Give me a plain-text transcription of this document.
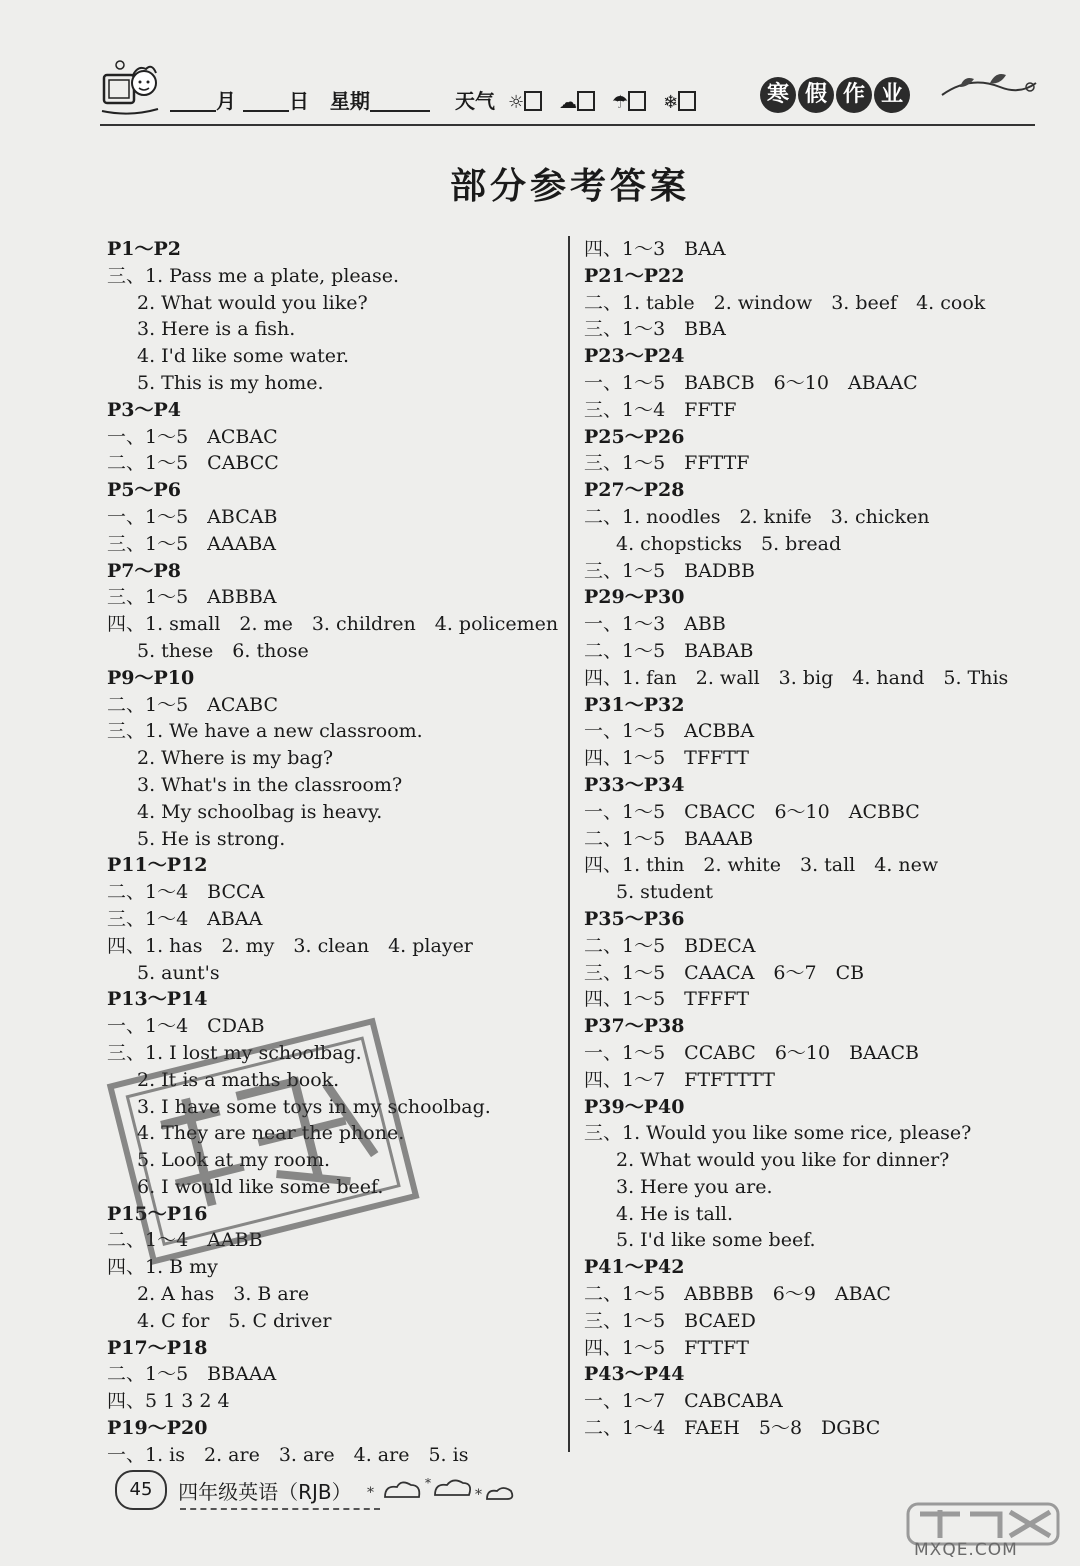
月	日 星期	天气 ☼ ☁ ☂ ❄	寒 假 作 业
部分参考答案
P1～P2
三、1. Pass me a plate, please.
2. What would you like?
3. Here is a fish.
4. I'd like some water.
5. This is my home.
P3～P4
一、1～5　ACBAC
二、1～5　CABCC
P5～P6
一、1～5　ABCAB
三、1～5　AAABA
P7～P8
三、1～5　ABBBA
四、1. small　2. me　3. children　4. policemen
5. these　6. those
P9～P10
二、1～5　ACABC
三、1. We have a new classroom.
2. Where is my bag?
3. What's in the classroom?
4. My schoolbag is heavy.
5. He is strong.
P11～P12
二、1～4　BCCA
三、1～4　ABAA
四、1. has　2. my　3. clean　4. player
5. aunt's
P13～P14
一、1～4　CDAB
三、1. I lost my schoolbag.
2. It is a maths book.
3. I have some toys in my schoolbag.
4. They are near the phone.
5. Look at my room.
6. I would like some beef.
P15～P16
二、1～4　AABB
四、1. B my
2. A has　3. B are
4. C for　5. C driver
P17～P18
二、1～5　BBAAA
四、5 1 3 2 4
P19～P20
一、1. is　2. are　3. are　4. are　5. is
四、1～3　BAA
P21～P22
二、1. table　2. window　3. beef　4. cook
三、1～3　BBA
P23～P24
一、1～5　BABCB　6～10　ABAAC
三、1～4　FFTF
P25～P26
三、1～5　FFTTF
P27～P28
二、1. noodles　2. knife　3. chicken
4. chopsticks　5. bread
三、1～5　BADBB
P29～P30
一、1～3　ABB
二、1～5　BABAB
四、1. fan　2. wall　3. big　4. hand　5. This
P31～P32
一、1～5　ACBBA
四、1～5　TFFTT
P33～P34
一、1～5　CBACC　6～10　ACBBC
二、1～5　BAAAB
四、1. thin　2. white　3. tall　4. new
5. student
P35～P36
二、1～5　BDECA
三、1～5　CAACA　6～7　CB
四、1～5　TFFFT
P37～P38
一、1～5　CCABC　6～10　BAACB
四、1～7　FTFTTTT
P39～P40
三、1. Would you like some rice, please?
2. What would you like for dinner?
3. Here you are.
4. He is tall.
5. I'd like some beef.
P41～P42
二、1～5　ABBBB　6～9　ABAC
三、1～5　BCAED
四、1～5　FTTFT
P43～P44
一、1～7　CABCABA
二、1～4　FAEH　5～8　DGBC
45 四年级英语（RJB） *
*
*
MXQE.COM
